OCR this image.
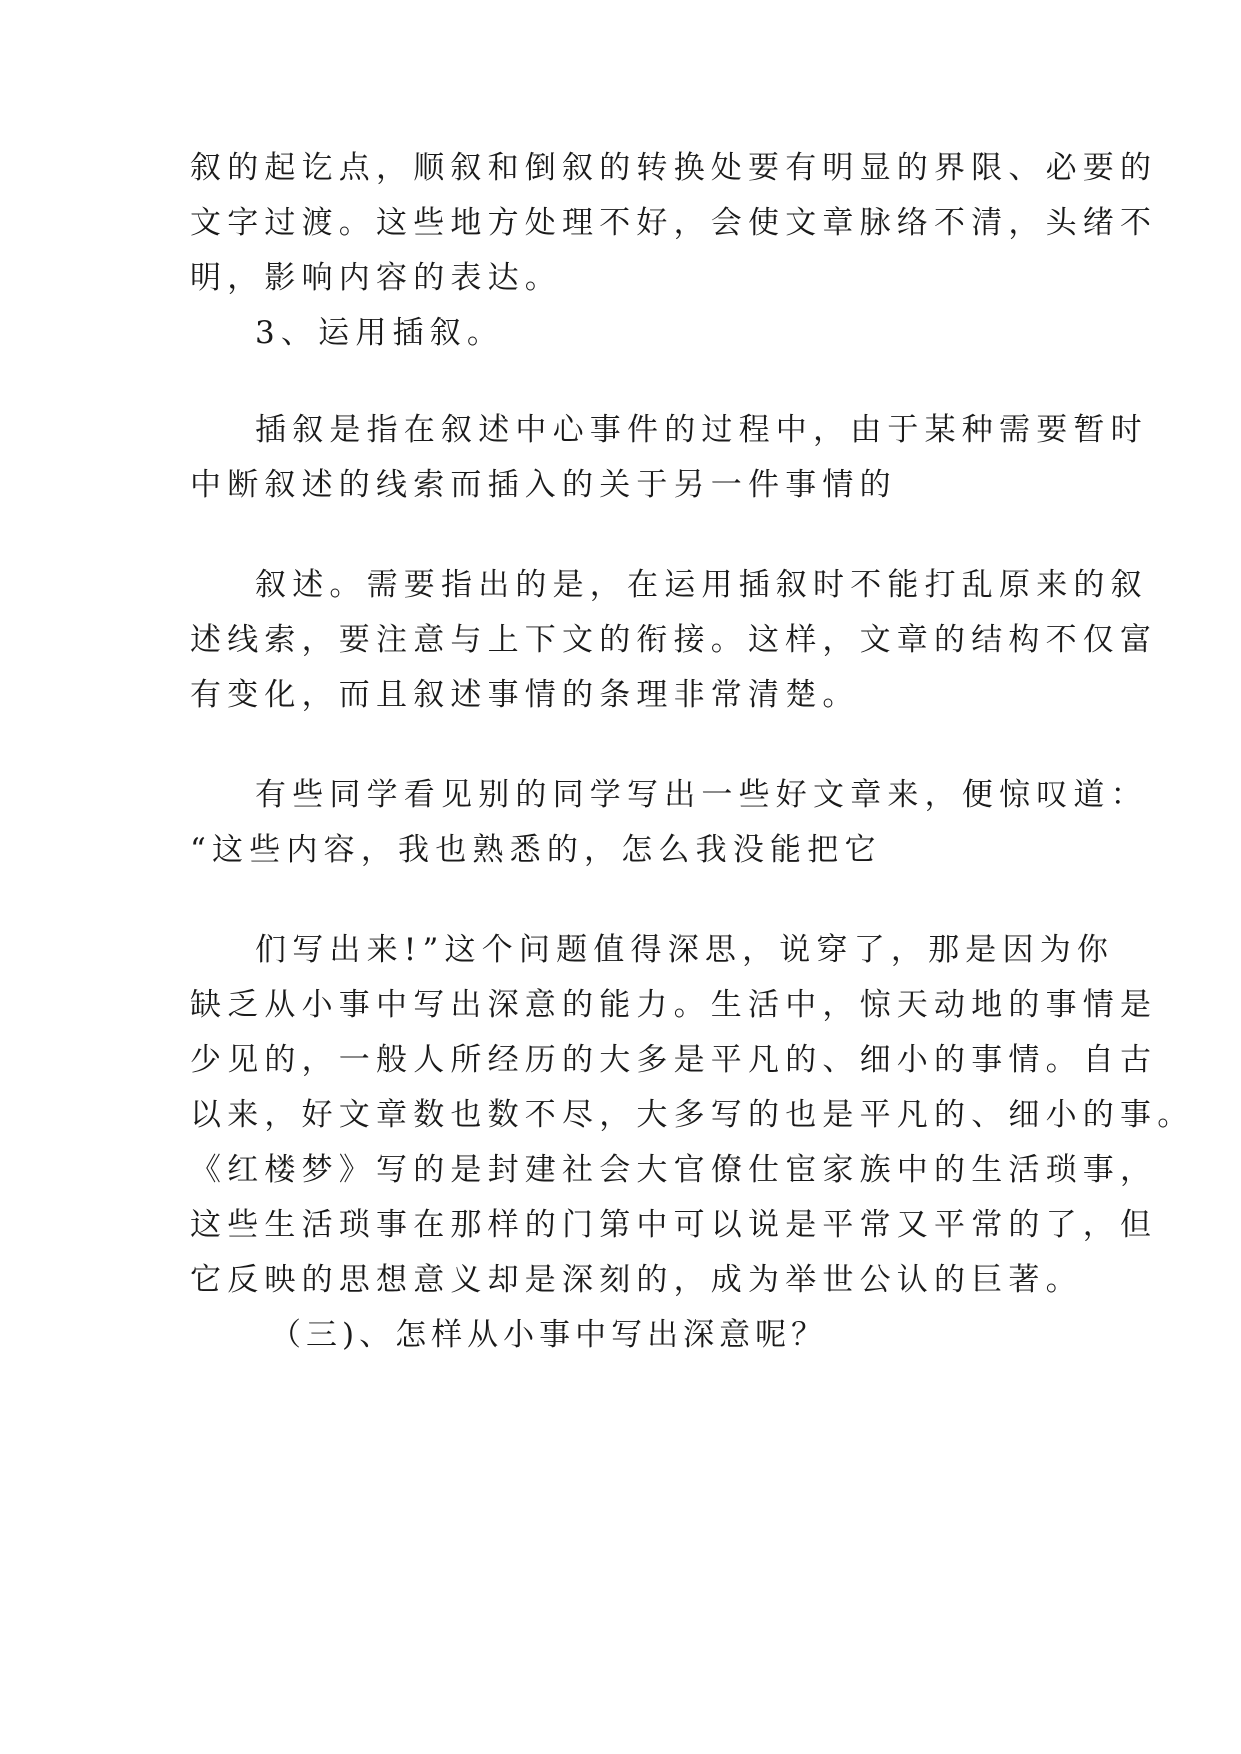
叙的起讫点，顺叙和倒叙的转换处要有明显的界限、必要的
文字过渡。这些地方处理不好，会使文章脉络不清，头绪不
明，影响内容的表达。
3、运用插叙。
插叙是指在叙述中心事件的过程中，由于某种需要暂时
中断叙述的线索而插入的关于另一件事情的
叙述。需要指出的是，在运用插叙时不能打乱原来的叙
述线索，要注意与上下文的衔接。这样，文章的结构不仅富
有变化，而且叙述事情的条理非常清楚。
有些同学看见别的同学写出一些好文章来，便惊叹道：
“这些内容，我也熟悉的，怎么我没能把它
们写出来!”这个问题值得深思，说穿了，那是因为你
缺乏从小事中写出深意的能力。生活中，惊天动地的事情是
少见的，一般人所经历的大多是平凡的、细小的事情。自古
以来，好文章数也数不尽，大多写的也是平凡的、细小的事。
《红楼梦》写的是封建社会大官僚仕宦家族中的生活琐事，
这些生活琐事在那样的门第中可以说是平常又平常的了，但
它反映的思想意义却是深刻的，成为举世公认的巨著。
（三)、怎样从小事中写出深意呢？
